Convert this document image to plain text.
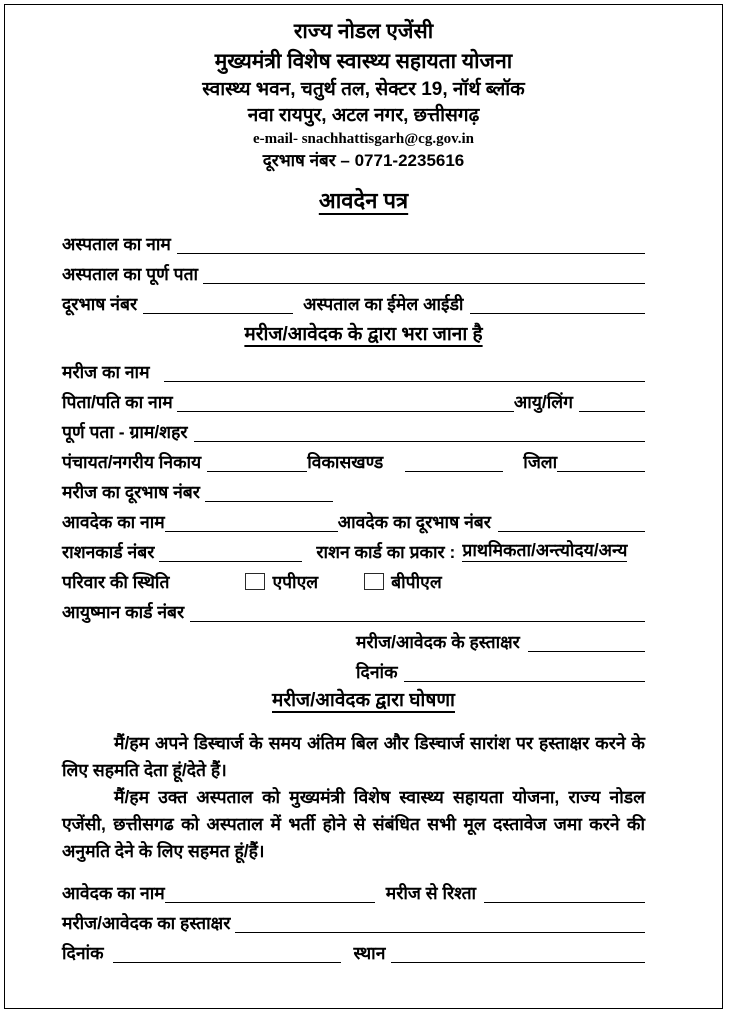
राज्य नोडल एजेंसी
मुख्यमंत्री विशेष स्वास्थ्य सहायता योजना
स्वास्थ्य भवन, चतुर्थ तल, सेक्टर 19, नॉर्थ ब्लॉक
नवा रायपुर, अटल नगर, छत्तीसगढ़
e-mail- snachhattisgarh@cg.gov.in
दूरभाष नंबर – 0771-2235616
आवदेन पत्र
अस्पताल का नाम
अस्पताल का पूर्ण पता
दूरभाष नंबर	अस्पताल का ईमेल आईडी
मरीज/आवेदक के द्वारा भरा जाना है
मरीज का नाम
पिता/पति का नाम	आयु/लिंग
पूर्ण पता - ग्राम/शहर
पंचायत/नगरीय निकाय	विकासखण्ड	जिला
मरीज का दूरभाष नंबर
आवदेक का नाम	आवदेक का दूरभाष नंबर
राशनकार्ड नंबर	राशन कार्ड का प्रकार : प्राथमिकता/अन्त्योदय/अन्य
परिवार की स्थिति	एपीएल	बीपीएल
आयुष्मान कार्ड नंबर
मरीज/आवेदक के हस्ताक्षर
दिनांक
मरीज/आवेदक द्वारा घोषणा

मैं/हम अपने डिस्चार्ज के समय अंतिम बिल और डिस्चार्ज सारांश पर हस्ताक्षर करने के लिए सहमति देता हूं/देते हैं।

मैं/हम उक्त अस्पताल को मुख्यमंत्री विशेष स्वास्थ्य सहायता योजना, राज्य नोडल एजेंसी, छत्तीसगढ को अस्पताल में भर्ती होने से संबंधित सभी मूल दस्तावेज जमा करने की अनुमति देने के लिए सहमत हूं/हैं।

आवेदक का नाम	मरीज से रिश्ता
मरीज/आवेदक का हस्ताक्षर
दिनांक	स्थान
